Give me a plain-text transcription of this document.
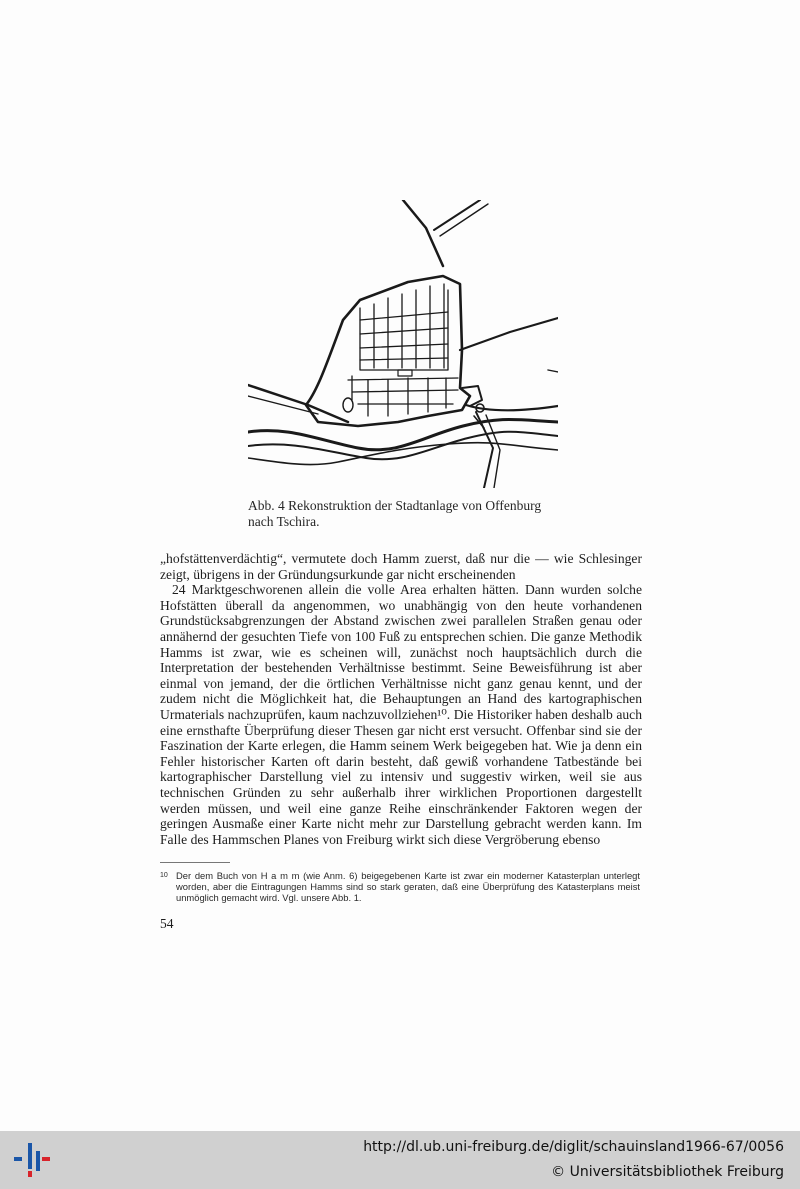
Abb. 4 Rekonstruktion der Stadtanlage von Offenburg
nach Tschira.

„hofstättenverdächtig“, vermutete doch Hamm zuerst, daß nur die — wie Schlesinger zeigt, übrigens in der Gründungsurkunde gar nicht erscheinenden

24 Marktgeschworenen allein die volle Area erhalten hätten. Dann wurden solche Hofstätten überall da angenommen, wo unabhängig von den heute vorhandenen Grundstücksabgrenzungen der Abstand zwischen zwei parallelen Straßen genau oder annähernd der gesuchten Tiefe von 100 Fuß zu entsprechen schien. Die ganze Methodik Hamms ist zwar, wie es scheinen will, zunächst noch hauptsächlich durch die Interpretation der bestehenden Verhältnisse bestimmt. Seine Beweisführung ist aber einmal von jemand, der die örtlichen Verhältnisse nicht ganz genau kennt, und der zudem nicht die Möglichkeit hat, die Behauptungen an Hand des kartographischen Urmaterials nachzuprüfen, kaum nachzuvollziehen¹⁰. Die Historiker haben deshalb auch eine ernsthafte Überprüfung dieser Thesen gar nicht erst versucht. Offenbar sind sie der Faszination der Karte erlegen, die Hamm seinem Werk beigegeben hat. Wie ja denn ein Fehler historischer Karten oft darin besteht, daß gewiß vorhandene Tatbestände bei kartographischer Darstellung viel zu intensiv und suggestiv wirken, weil sie aus technischen Gründen zu sehr außerhalb ihrer wirklichen Proportionen dargestellt werden müssen, und weil eine ganze Reihe einschränkender Faktoren wegen der geringen Ausmaße einer Karte nicht mehr zur Darstellung gebracht werden kann. Im Falle des Hammschen Planes von Freiburg wirkt sich diese Vergröberung ebenso

10 Der dem Buch von H a m m (wie Anm. 6) beigegebenen Karte ist zwar ein moderner Katasterplan unterlegt worden, aber die Eintragungen Hamms sind so stark geraten, daß eine Überprüfung des Katasterplans meist unmöglich gemacht wird. Vgl. unsere Abb. 1.
54
http://dl.ub.uni-freiburg.de/diglit/schauinsland1966-67/0056
© Universitätsbibliothek Freiburg
